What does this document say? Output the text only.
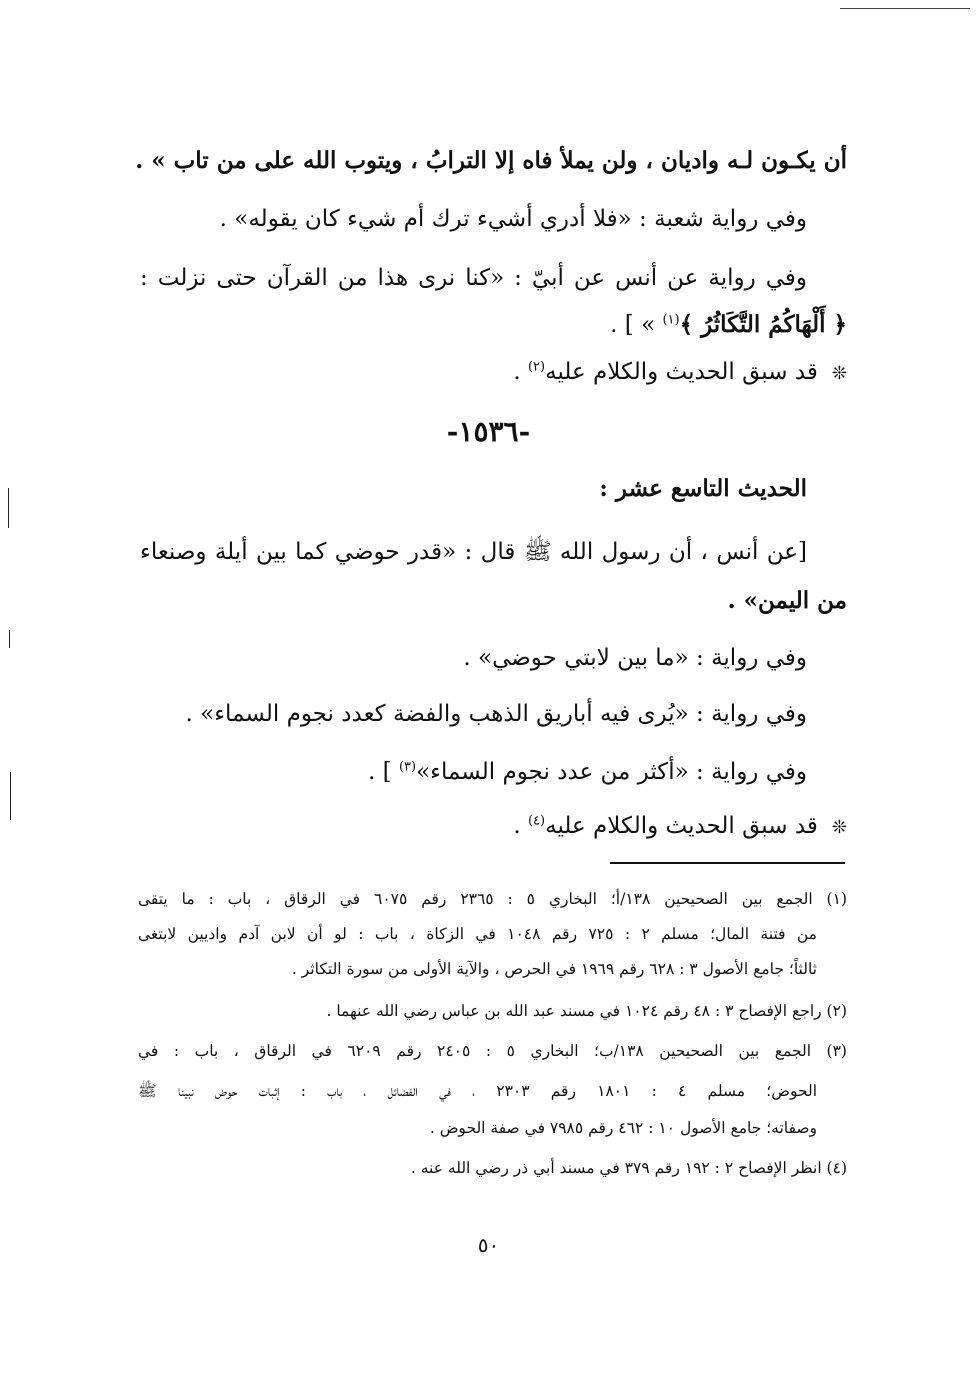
أن يكـون لـه واديان ، ولن يملأ فاه إلا الترابُ ، ويتوب الله على من تاب » .
وفي رواية شعبة : «فلا أدري أشيء ترك أم شيء كان يقوله» .
وفي رواية عن أنس عن أبيّ : «كنا نرى هذا من القرآن حتى نزلت :
﴿ أَلْهَاكُمُ التَّكَاثُرُ ﴾$^{(١)}$ » ] .
❊قد سبق الحديث والكلام عليه$^{(٢)}$ .
-١٥٣٦-
الحديث التاسع عشر :
[عن أنس ، أن رسول الله ﷺ قال : «قدر حوضي كما بين أيلة وصنعاء
من اليمن» .
وفي رواية : «ما بين لابتي حوضي» .
وفي رواية : «يُرى فيه أباريق الذهب والفضة كعدد نجوم السماء» .
وفي رواية : «أكثر من عدد نجوم السماء»$^{(٣)}$ ] .
❊قد سبق الحديث والكلام عليه$^{(٤)}$ .
(١) الجمع بين الصحيحين ١٣٨/أ؛ البخاري ٥ : ٢٣٦٥ رقم ٦٠٧٥ في الرقاق ، باب : ما يتقى
من فتنة المال؛ مسلم ٢ : ٧٢٥ رقم ١٠٤٨ في الزكاة ، باب : لو أن لابن آدم واديين لابتغى
ثالثاً؛ جامع الأصول ٣ : ٦٢٨ رقم ١٩٦٩ في الحرص ، والآية الأولى من سورة التكاثر .
(٢) راجع الإفصاح ٣ : ٤٨ رقم ١٠٢٤ في مسند عبد الله بن عباس رضي الله عنهما .
(٣) الجمع بين الصحيحين ١٣٨/ب؛ البخاري ٥ : ٢٤٠٥ رقم ٦٢٠٩ في الرقاق ، باب : في
الحوض؛ مسلم ٤ : ١٨٠١ رقم ٢٣٠٣ ، في الفضائل ، باب : إثبات حوض نبينا ﷺ
وصفاته؛ جامع الأصول ١٠ : ٤٦٢ رقم ٧٩٨٥ في صفة الحوض .
(٤) انظر الإفصاح ٢ : ١٩٢ رقم ٣٧٩ في مسند أبي ذر رضي الله عنه .
٥٠
